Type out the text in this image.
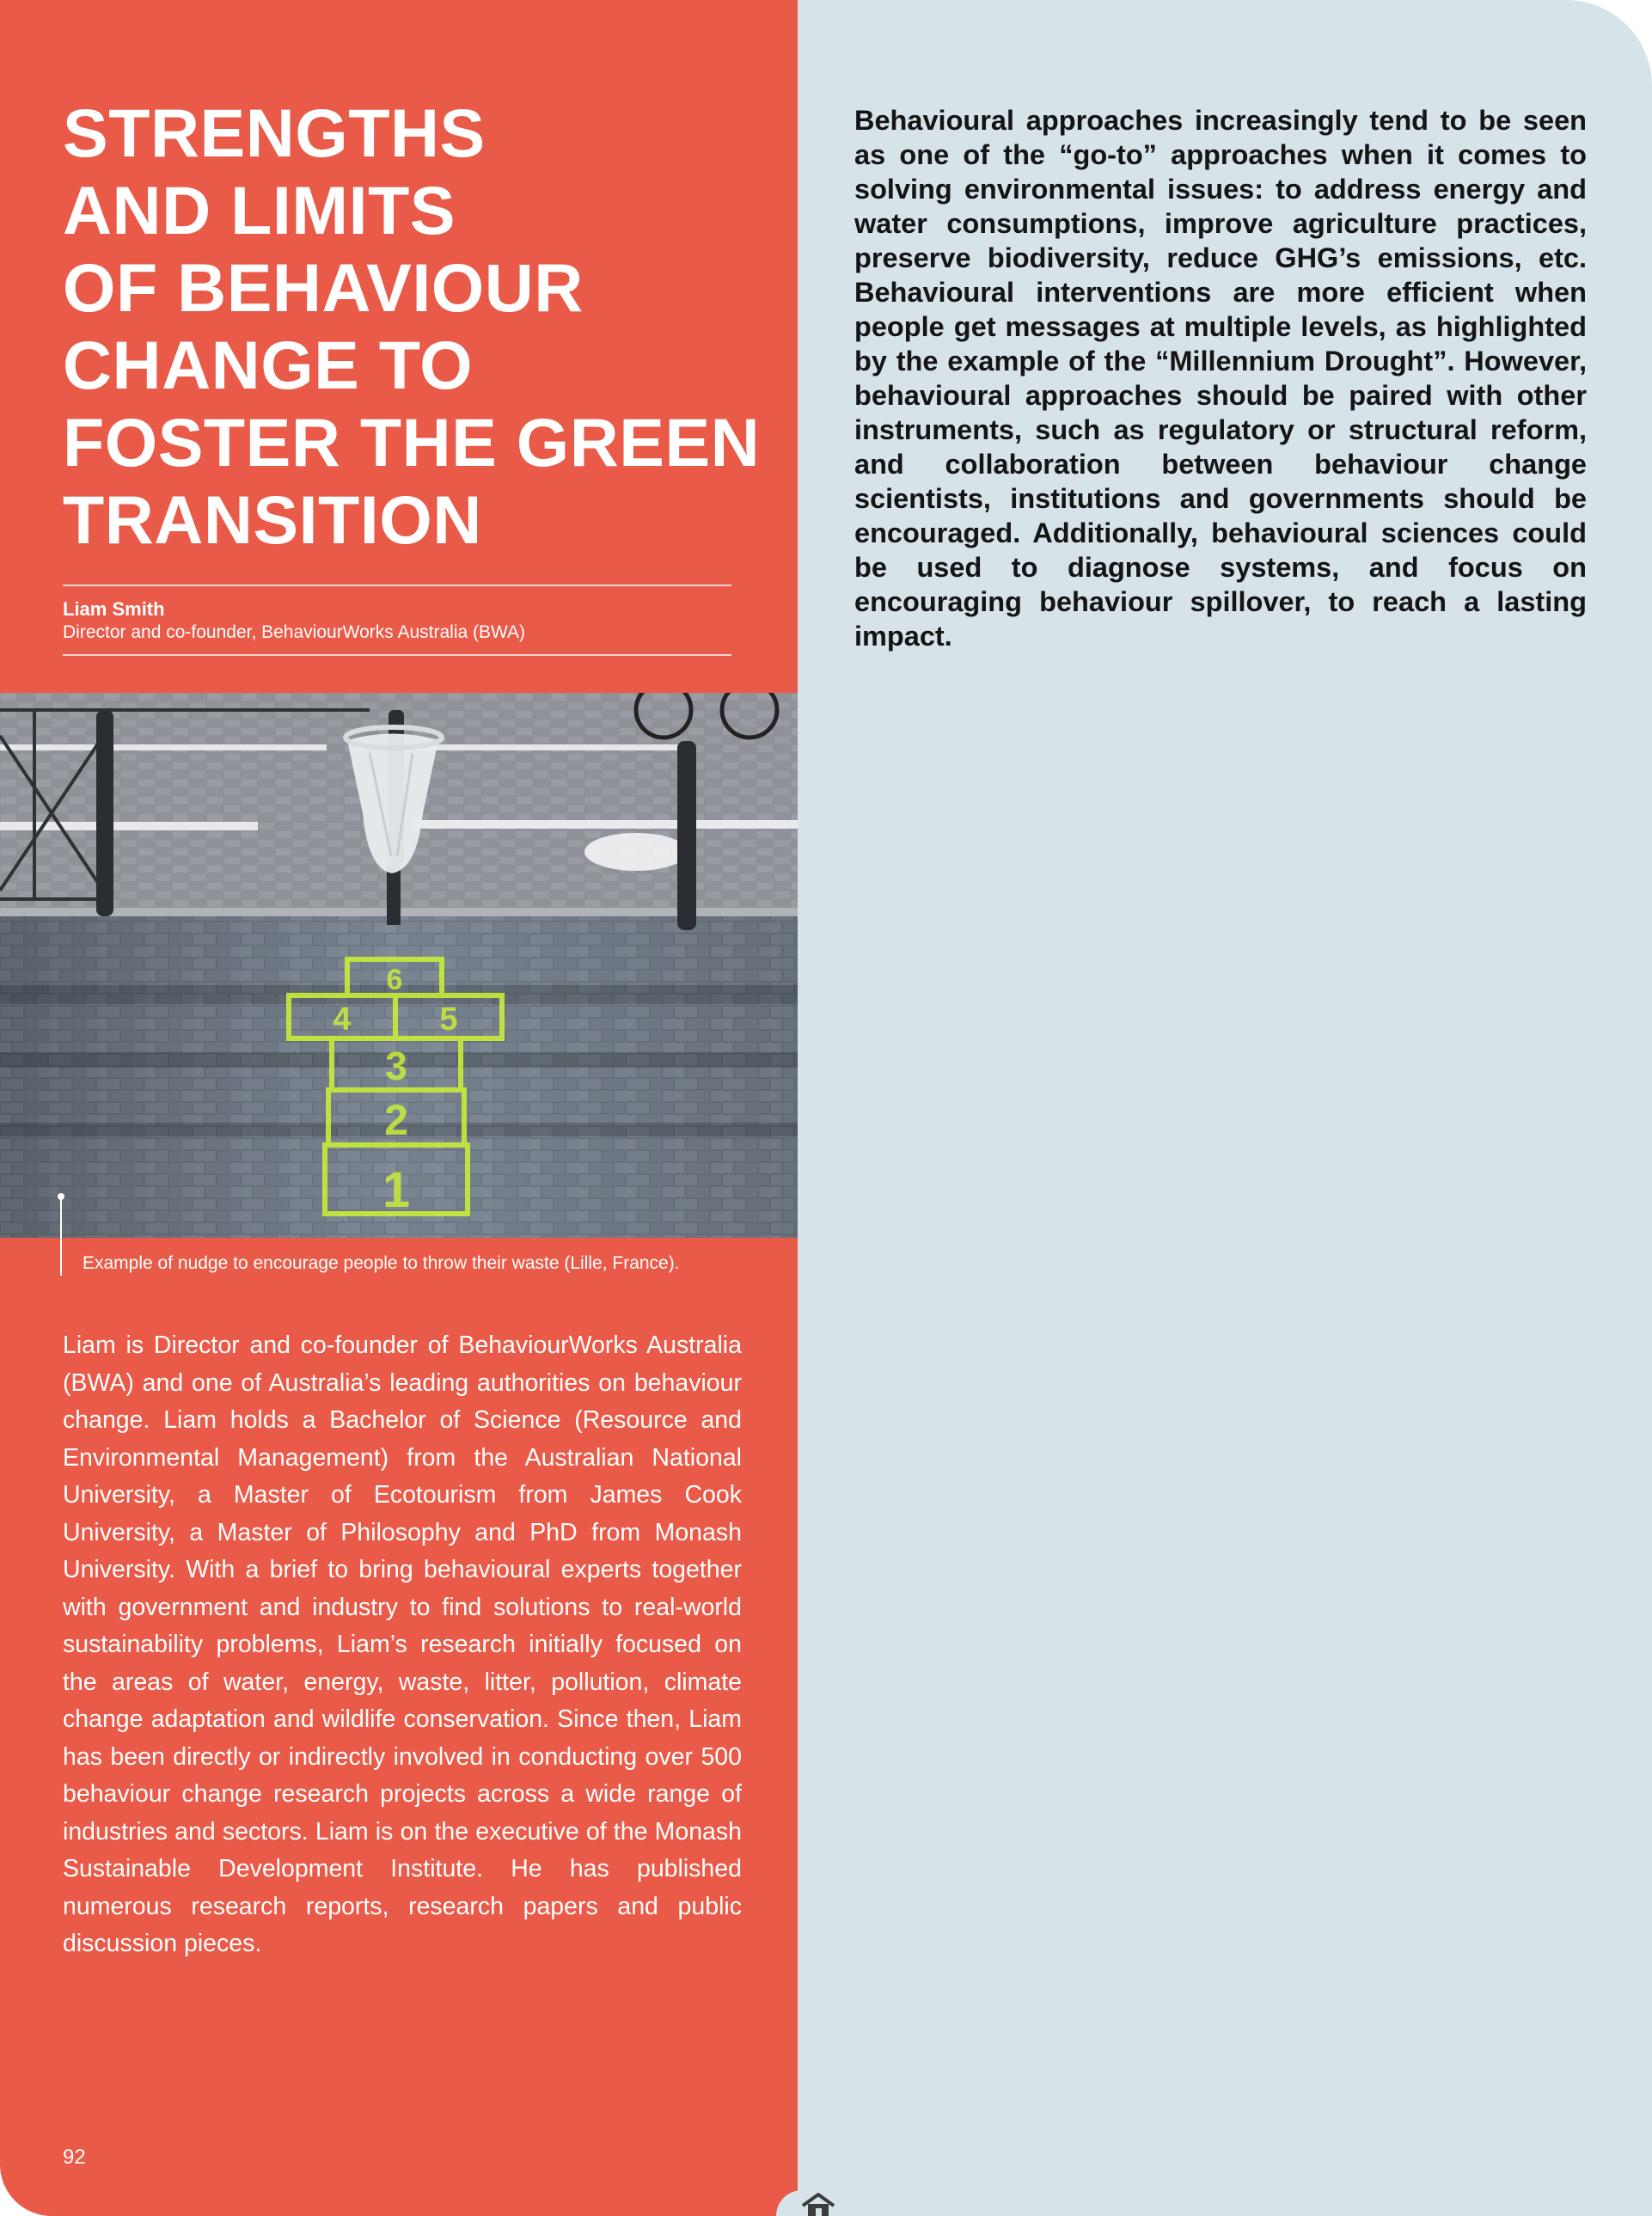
STRENGTHS
AND LIMITS
OF BEHAVIOUR
CHANGE TO
FOSTER THE GREEN
TRANSITION
Liam Smith
Director and co-founder, BehaviourWorks Australia (BWA)
6
4	5
3
2
1
Example of nudge to encourage people to throw their waste (Lille, France).

Liam is Director and co-founder of BehaviourWorks Australia (BWA) and one of Australia’s leading authorities on behaviour change. Liam holds a Bachelor of Science (Resource and Environmental Management) from the Australian National University, a Master of Ecotourism from James Cook University, a Master of Philosophy and PhD from Monash University. With a brief to bring behavioural experts together with government and industry to find solutions to real-world sustainability problems, Liam’s research initially focused on the areas of water, energy, waste, litter, pollution, climate change adaptation and wildlife conservation. Since then, Liam has been directly or indirectly involved in conducting over 500 behaviour change research projects across a wide range of industries and sectors. Liam is on the executive of the Monash Sustainable Development Institute. He has published numerous research reports, research papers and public discussion pieces.

92

Behavioural approaches increasingly tend to be seen as one of the “go-to” approaches when it comes to solving environmental issues: to address energy and water consumptions, improve agriculture practices, preserve biodiversity, reduce GHG’s emissions, etc. Behavioural interventions are more efficient when people get messages at multiple levels, as highlighted by the example of the “Millennium Drought”. However, behavioural approaches should be paired with other instruments, such as regulatory or structural reform, and collaboration between behaviour change scientists, institutions and governments should be encouraged. Additionally, behavioural sciences could be used to diagnose systems, and focus on encouraging behaviour spillover, to reach a lasting impact.
